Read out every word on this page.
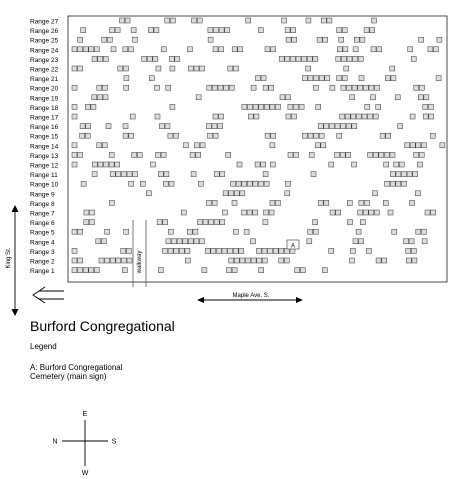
Range 27
Range 26
Range 25
Range 24
Range 23
Range 22
Range 21
Range 20
Range 19
Range 18
Range 17
Range 16
Range 15
Range 14
Range 13
Range 12
Range 11
Range 10
Range 9
Range 8
Range 7
Range 6
Range 5
Range 4
Range 3
Range 2
Range 1	walkway
A
King St.
Maple Ave. S.
E
W
N	S
Burford Congregational
Legend
A: Burford Congregational
Cemetery (main sign)
